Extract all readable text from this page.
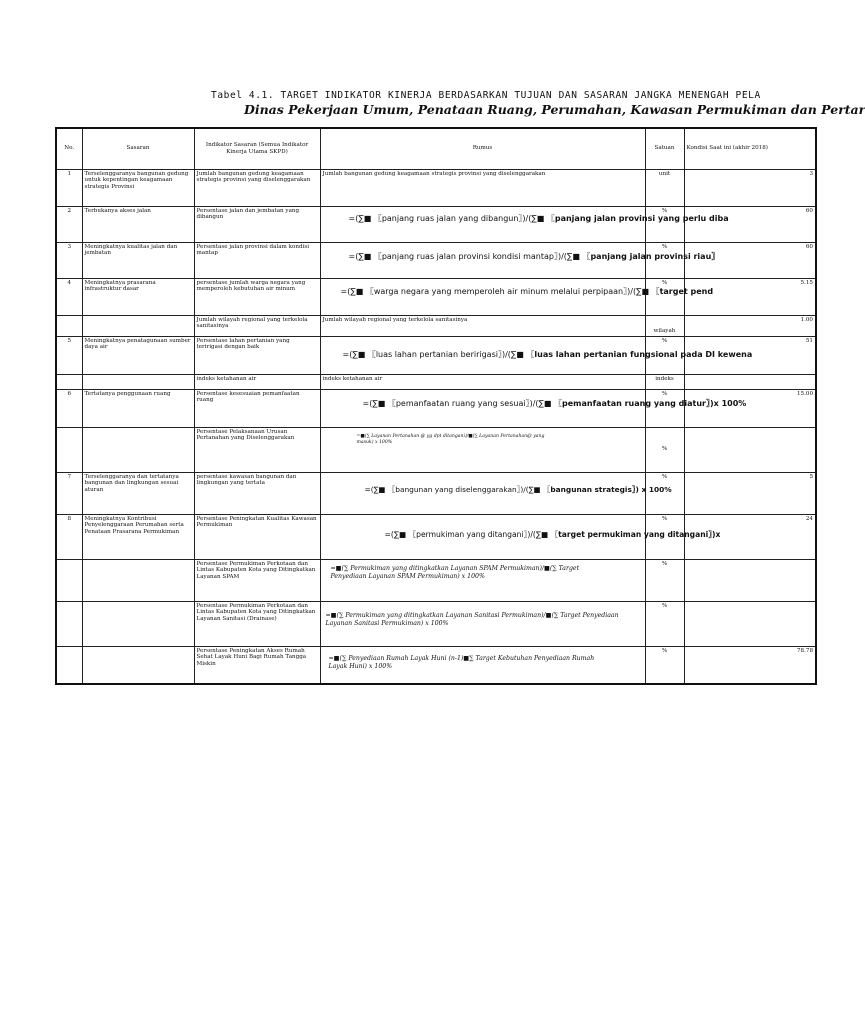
Tabel 4.1. TARGET INDIKATOR KINERJA BERDASARKAN TUJUAN DAN SASARAN JANGKA MENENGAH PELA
Dinas Pekerjaan Umum, Penataan Ruang, Perumahan, Kawasan Permukiman dan Pertar
No.	Sasaran	Indikator Sasaran (Semua Indikator Kinerja Utama SKPD)	Rumus	Satuan	Kondisi Saat ini (akhir 2018)
1	Terselenggaranya bangunan gedung untuk kepentingan keagamaan strategis Provinsi	Jumlah bangunan gedung keagamaan strategis provinsi yang diselenggarakan	Jumlah bangunan gedung keagamaan strategis provinsi yang diselenggarakan	unit	3
2	Terbukanya akses jalan	Persentase jalan dan jembatan yang dibangun	=(∑■ 〖panjang ruas jalan yang dibangun〗)/(∑■ 〖panjang jalan provinsi yang perlu diba	%	60
3	Meningkatnya kualitas jalan dan jembatan	Persentase jalan provinsi dalam kondisi mantap	=(∑■ 〖panjang ruas jalan provinsi kondisi mantap〗)/(∑■ 〖panjang jalan provinsi riau〗	%	60
4	Meningkatnya prasarana infrastruktur dasar	persentase jumlah warga negara yang memperoleh kebutuhan air minum	=(∑■ 〖warga negara yang memperoleh air minum melalui perpipaan〗)/(∑■ 〖target pend	%	5.15
		Jumlah wilayah regional yang terkelola sanitasinya	Jumlah wilayah regional yang terkelola sanitasinya	wilayah	1.00
5	Meningkatnya penatagunaan sumber daya air	Persentase lahan pertanian yang teririgasi dengan baik	=(∑■ 〖luas lahan pertanian beririgasi〗)/(∑■ 〖luas lahan pertanian fungsional pada DI kewena	%	51
		indeks ketahanan air	indeks ketahanan air	indeks	
6	Tertatanya penggunaan ruang	Persentase kesesuaian pemanfaatan ruang	=(∑■ 〖pemanfaatan ruang yang sesuai〗)/(∑■ 〖pemanfaatan ruang yang diatur〗)x 100%	%	15.00
		Persentase Pelaksanaan Urusan Pertanahan yang Diselenggarakan	=■(∑ Layanan Pertanahan @ yg dpt ditangani)/■(∑ Layanan Pertanahan@ yang masuk) x 100%	%	
7	Terselenggaranya dan tertatanya bangunan dan lingkungan sesuai aturan	persentase kawasan bangunan dan lingkungan yang tertata	=(∑■ 〖bangunan yang diselenggarakan〗)/(∑■ 〖bangunan strategis〗) x 100%	%	5
8	Meningkatnya Kontribusi Penyelenggaraan Perumahan serta Penataan Prasarana Permukiman	Persentase Peningkatan Kualitas Kawasan Permukiman	=(∑■ 〖permukiman yang ditangani〗)/(∑■ 〖target permukiman yang ditangani〗)x	%	24
		Persentase Permukiman Perkotaan dan Lintas Kabupaten Kota yang Ditingkatkan Layanan SPAM	=■(∑ Permukiman yang ditingkatkan Layanan SPAM Permukiman)/■(∑ Target Penyediaan Layanan SPAM Permukiman) x 100%	%	
		Persentase Permukiman Perkotaan dan Lintas Kabupaten Kota yang Ditingkatkan Layanan Sanitasi (Drainase)	=■(∑ Permukiman yang ditingkatkan Layanan Sanitasi Permukiman)/■(∑ Target Penyediaan Layanan Sanitasi Permukiman) x 100%	%	
		Persentase Peningkatan Akses Rumah Sehat Layak Huni Bagi Rumah Tangga Miskin	=■(∑ Penyediaan Rumah Layak Huni (n-1)■∑ Target Kebutuhan Penyediaan Rumah Layak Huni) x 100%	%	78.78
